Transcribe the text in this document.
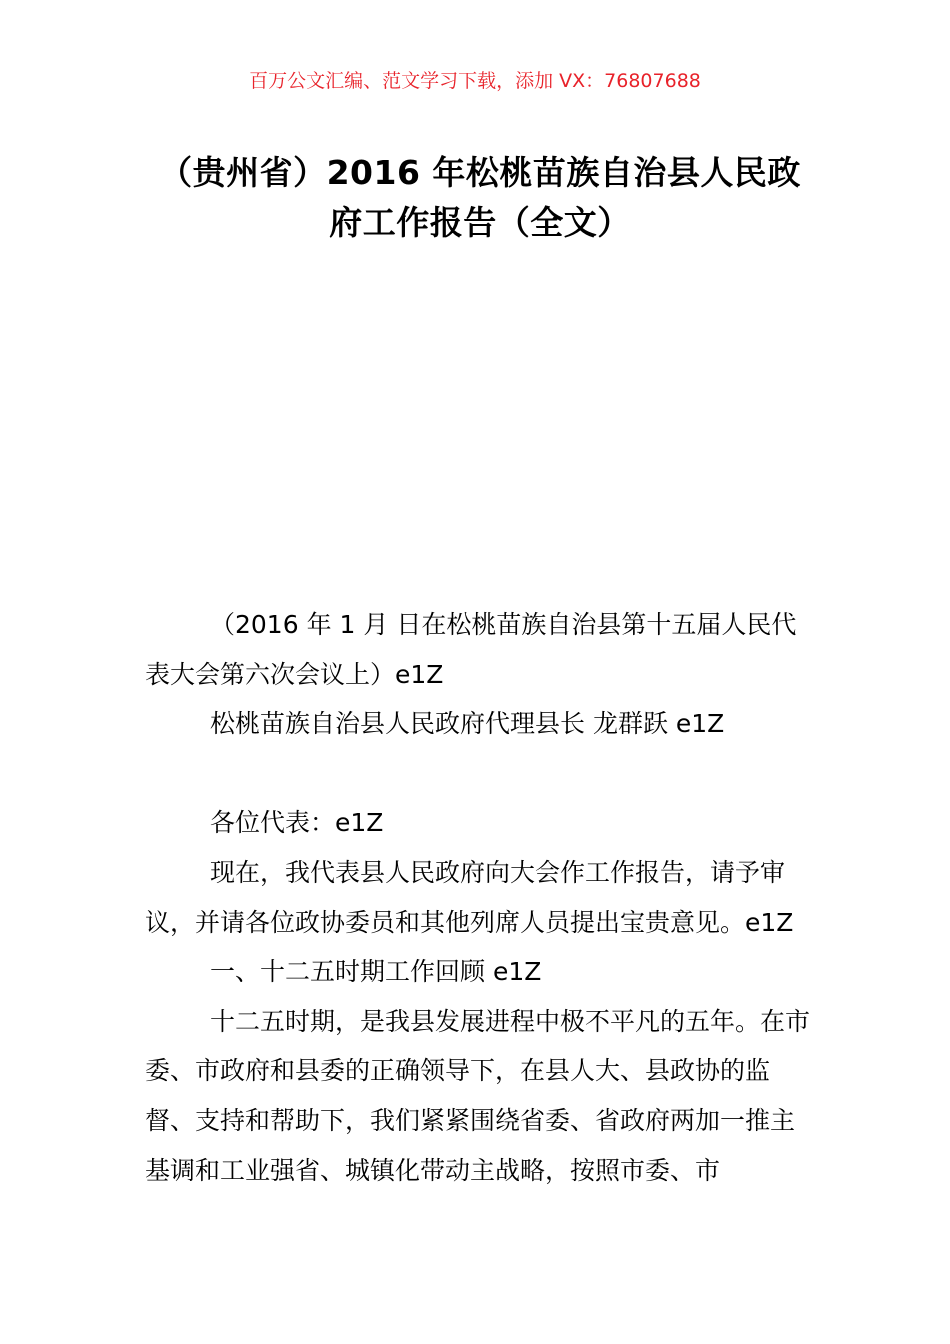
百万公文汇编、范文学习下载，添加 VX：76807688
（贵州省）2016 年松桃苗族自治县人民政
府工作报告（全文）

（2016 年 1 月 日在松桃苗族自治县第十五届人民代表大会第六次会议上）e1Z

松桃苗族自治县人民政府代理县长 龙群跃 e1Z

各位代表：e1Z

现在，我代表县人民政府向大会作工作报告，请予审议，并请各位政协委员和其他列席人员提出宝贵意见。e1Z

一、十二五时期工作回顾 e1Z

十二五时期，是我县发展进程中极不平凡的五年。在市委、市政府和县委的正确领导下，在县人大、县政协的监督、支持和帮助下，我们紧紧围绕省委、省政府两加一推主基调和工业强省、城镇化带动主战略，按照市委、市
